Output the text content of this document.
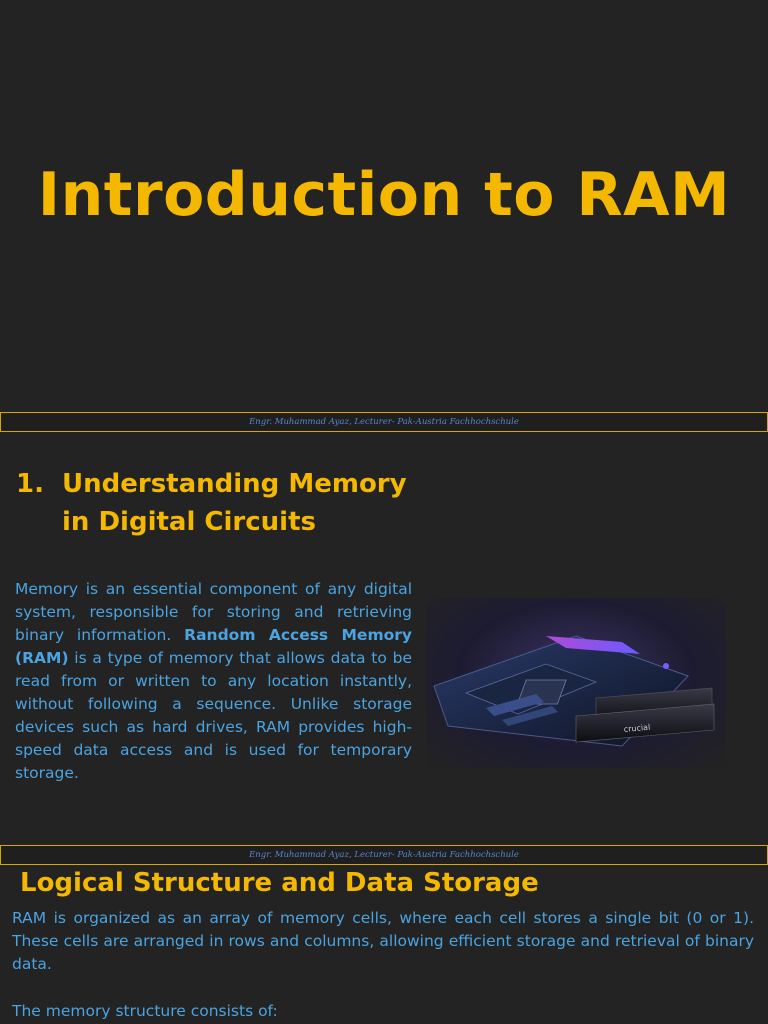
Introduction to RAM
Engr. Muhammad Ayaz, Lecturer- Pak-Austria Fachhochschule
1. Understanding Memory in Digital Circuits
Memory is an essential component of any digital system, responsible for storing and retrieving binary information. Random Access Memory (RAM) is a type of memory that allows data to be read from or written to any location instantly, without following a sequence. Unlike storage devices such as hard drives, RAM provides high-speed data access and is used for temporary storage.
crucial
Engr. Muhammad Ayaz, Lecturer- Pak-Austria Fachhochschule
Logical Structure and Data Storage
RAM is organized as an array of memory cells, where each cell stores a single bit (0 or 1). These cells are arranged in rows and columns, allowing efficient storage and retrieval of binary data.
The memory structure consists of:
